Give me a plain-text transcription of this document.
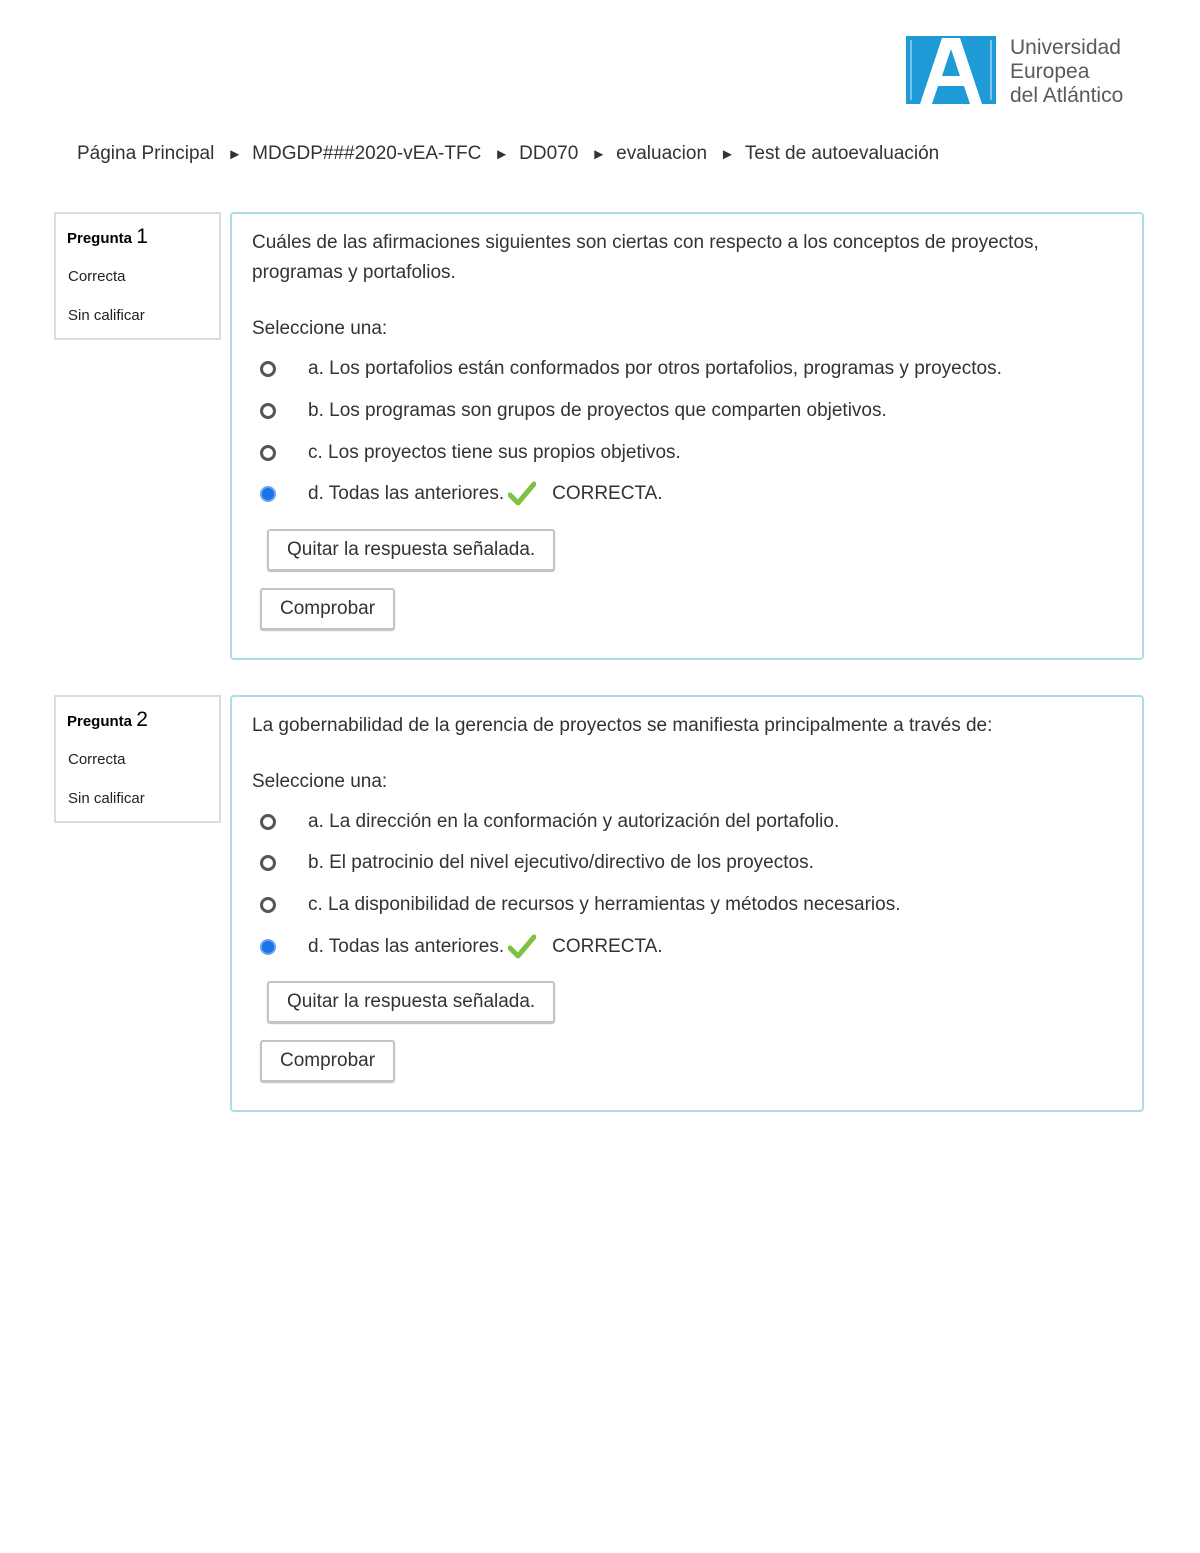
Universidad
Europea
del Atlántico
Página Principal ► MDGDP###2020-vEA-TFC ► DD070 ► evaluacion ► Test de autoevaluación
Pregunta 1
Correcta
Sin calificar
Cuáles de las afirmaciones siguientes son ciertas con respecto a los conceptos de proyectos, programas y portafolios.
Seleccione una:
a. Los portafolios están conformados por otros portafolios, programas y proyectos.
b. Los programas son grupos de proyectos que comparten objetivos.
c. Los proyectos tiene sus propios objetivos.
d. Todas las anteriores.	CORRECTA.
Quitar la respuesta señalada.
Comprobar
Pregunta 2
Correcta
Sin calificar
La gobernabilidad de la gerencia de proyectos se manifiesta principalmente a través de:
Seleccione una:
a. La dirección en la conformación y autorización del portafolio.
b. El patrocinio del nivel ejecutivo/directivo de los proyectos.
c. La disponibilidad de recursos y herramientas y métodos necesarios.
d. Todas las anteriores.	CORRECTA.
Quitar la respuesta señalada.
Comprobar
